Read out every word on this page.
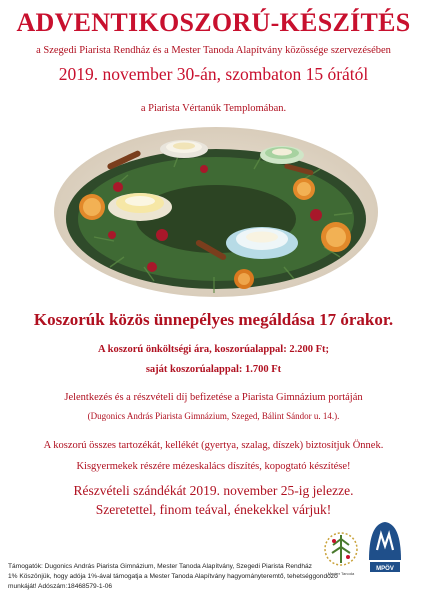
ADVENTIKOSZORÚ-KÉSZÍTÉS
a Szegedi Piarista Rendház és a Mester Tanoda Alapítvány közössége szervezésében
2019. november 30-án, szombaton 15 órától
a Piarista Vértanúk Templomában.
Koszorúk közös ünnepélyes megáldása 17 órakor.
A koszorú önköltségi ára, koszorúalappal: 2.200 Ft;
saját koszorúalappal: 1.700 Ft
Jelentkezés és a részvételi díj befizetése a Piarista Gimnázium portáján
(Dugonics András Piarista Gimnázium, Szeged, Bálint Sándor u. 14.).
A koszorú összes tartozékát, kellékét (gyertya, szalag, díszek) biztosítjuk Önnek.
Kisgyermekek részére mézeskalács díszítés, kopogtató készítése!
Részvételi szándékát 2019. november 25-ig jelezze.
Szeretettel, finom teával, énekekkel várjuk!
Mester Tanoda
MPÖV
Támogatók: Dugonics András Piarista Gimnázium, Mester Tanoda Alapítvány, Szegedi Piarista Rendház
1% Köszönjük, hogy adója 1%-ával támogatja a Mester Tanoda Alapítvány hagyományteremtő, tehetséggondozó munkáját! Adószám:18468579-1-06
